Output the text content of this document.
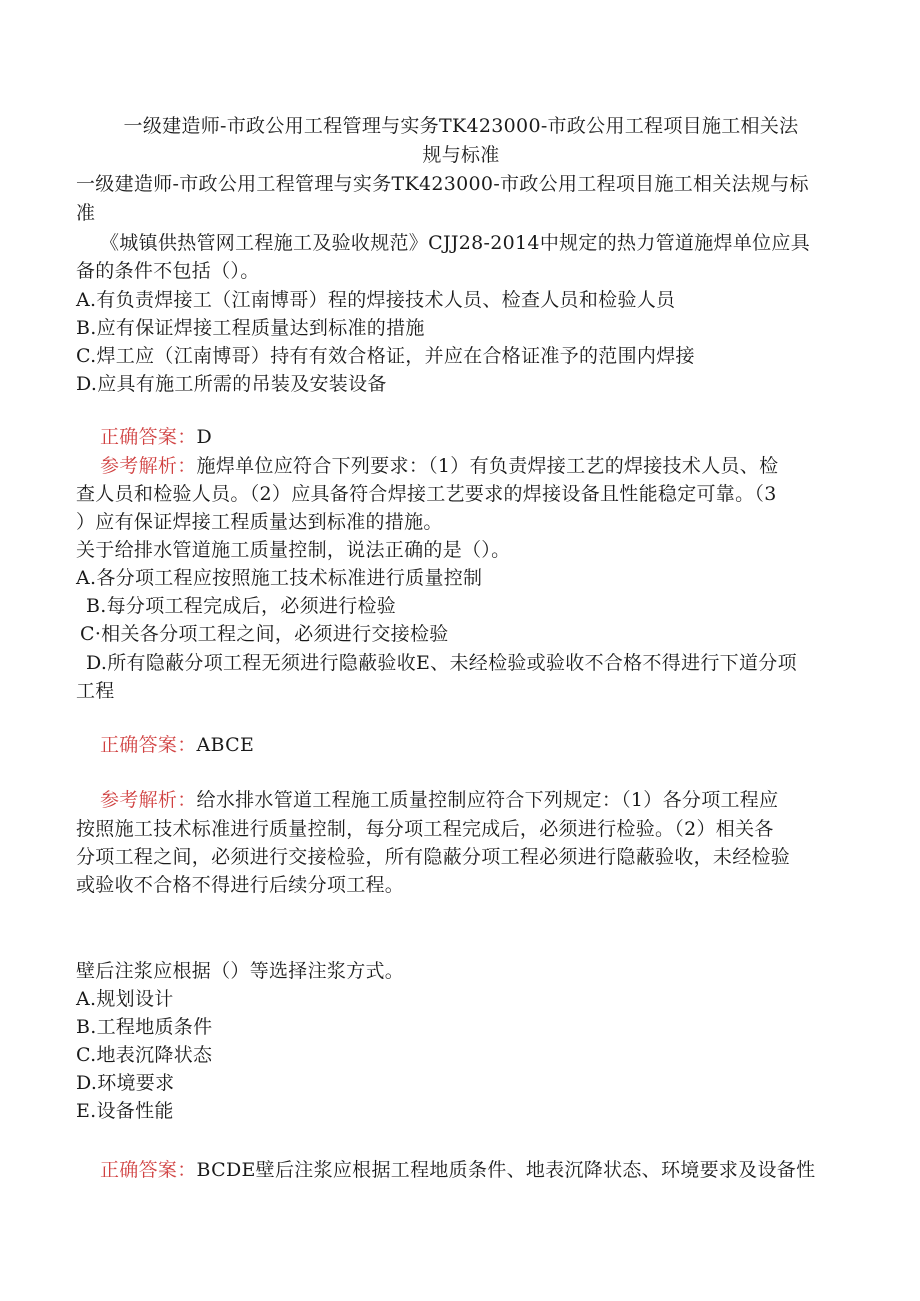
一级建造师-市政公用工程管理与实务TK423000-市政公用工程项目施工相关法
规与标准
一级建造师-市政公用工程管理与实务TK423000-市政公用工程项目施工相关法规与标
准
《城镇供热管网工程施工及验收规范》CJJ28-2014中规定的热力管道施焊单位应具
备的条件不包括（）。
A.有负责焊接工（江南博哥）程的焊接技术人员、检查人员和检验人员
B.应有保证焊接工程质量达到标准的措施
C.焊工应（江南博哥）持有有效合格证，并应在合格证准予的范围内焊接
D.应具有施工所需的吊装及安装设备
正确答案：D
参考解析：施焊单位应符合下列要求：（1）有负责焊接工艺的焊接技术人员、检
查人员和检验人员。（2）应具备符合焊接工艺要求的焊接设备且性能稳定可靠。（3
）应有保证焊接工程质量达到标准的措施。
关于给排水管道施工质量控制，说法正确的是（）。
A.各分项工程应按照施工技术标准进行质量控制
B.每分项工程完成后，必须进行检验
C·相关各分项工程之间，必须进行交接检验
D.所有隐蔽分项工程无须进行隐蔽验收E、未经检验或验收不合格不得进行下道分项
工程
正确答案：ABCE
参考解析：给水排水管道工程施工质量控制应符合下列规定：（1）各分项工程应
按照施工技术标准进行质量控制，每分项工程完成后，必须进行检验。（2）相关各
分项工程之间，必须进行交接检验，所有隐蔽分项工程必须进行隐蔽验收，未经检验
或验收不合格不得进行后续分项工程。
壁后注浆应根据（）等选择注浆方式。
A.规划设计
B.工程地质条件
C.地表沉降状态
D.环境要求
E.设备性能
正确答案：BCDE壁后注浆应根据工程地质条件、地表沉降状态、环境要求及设备性
